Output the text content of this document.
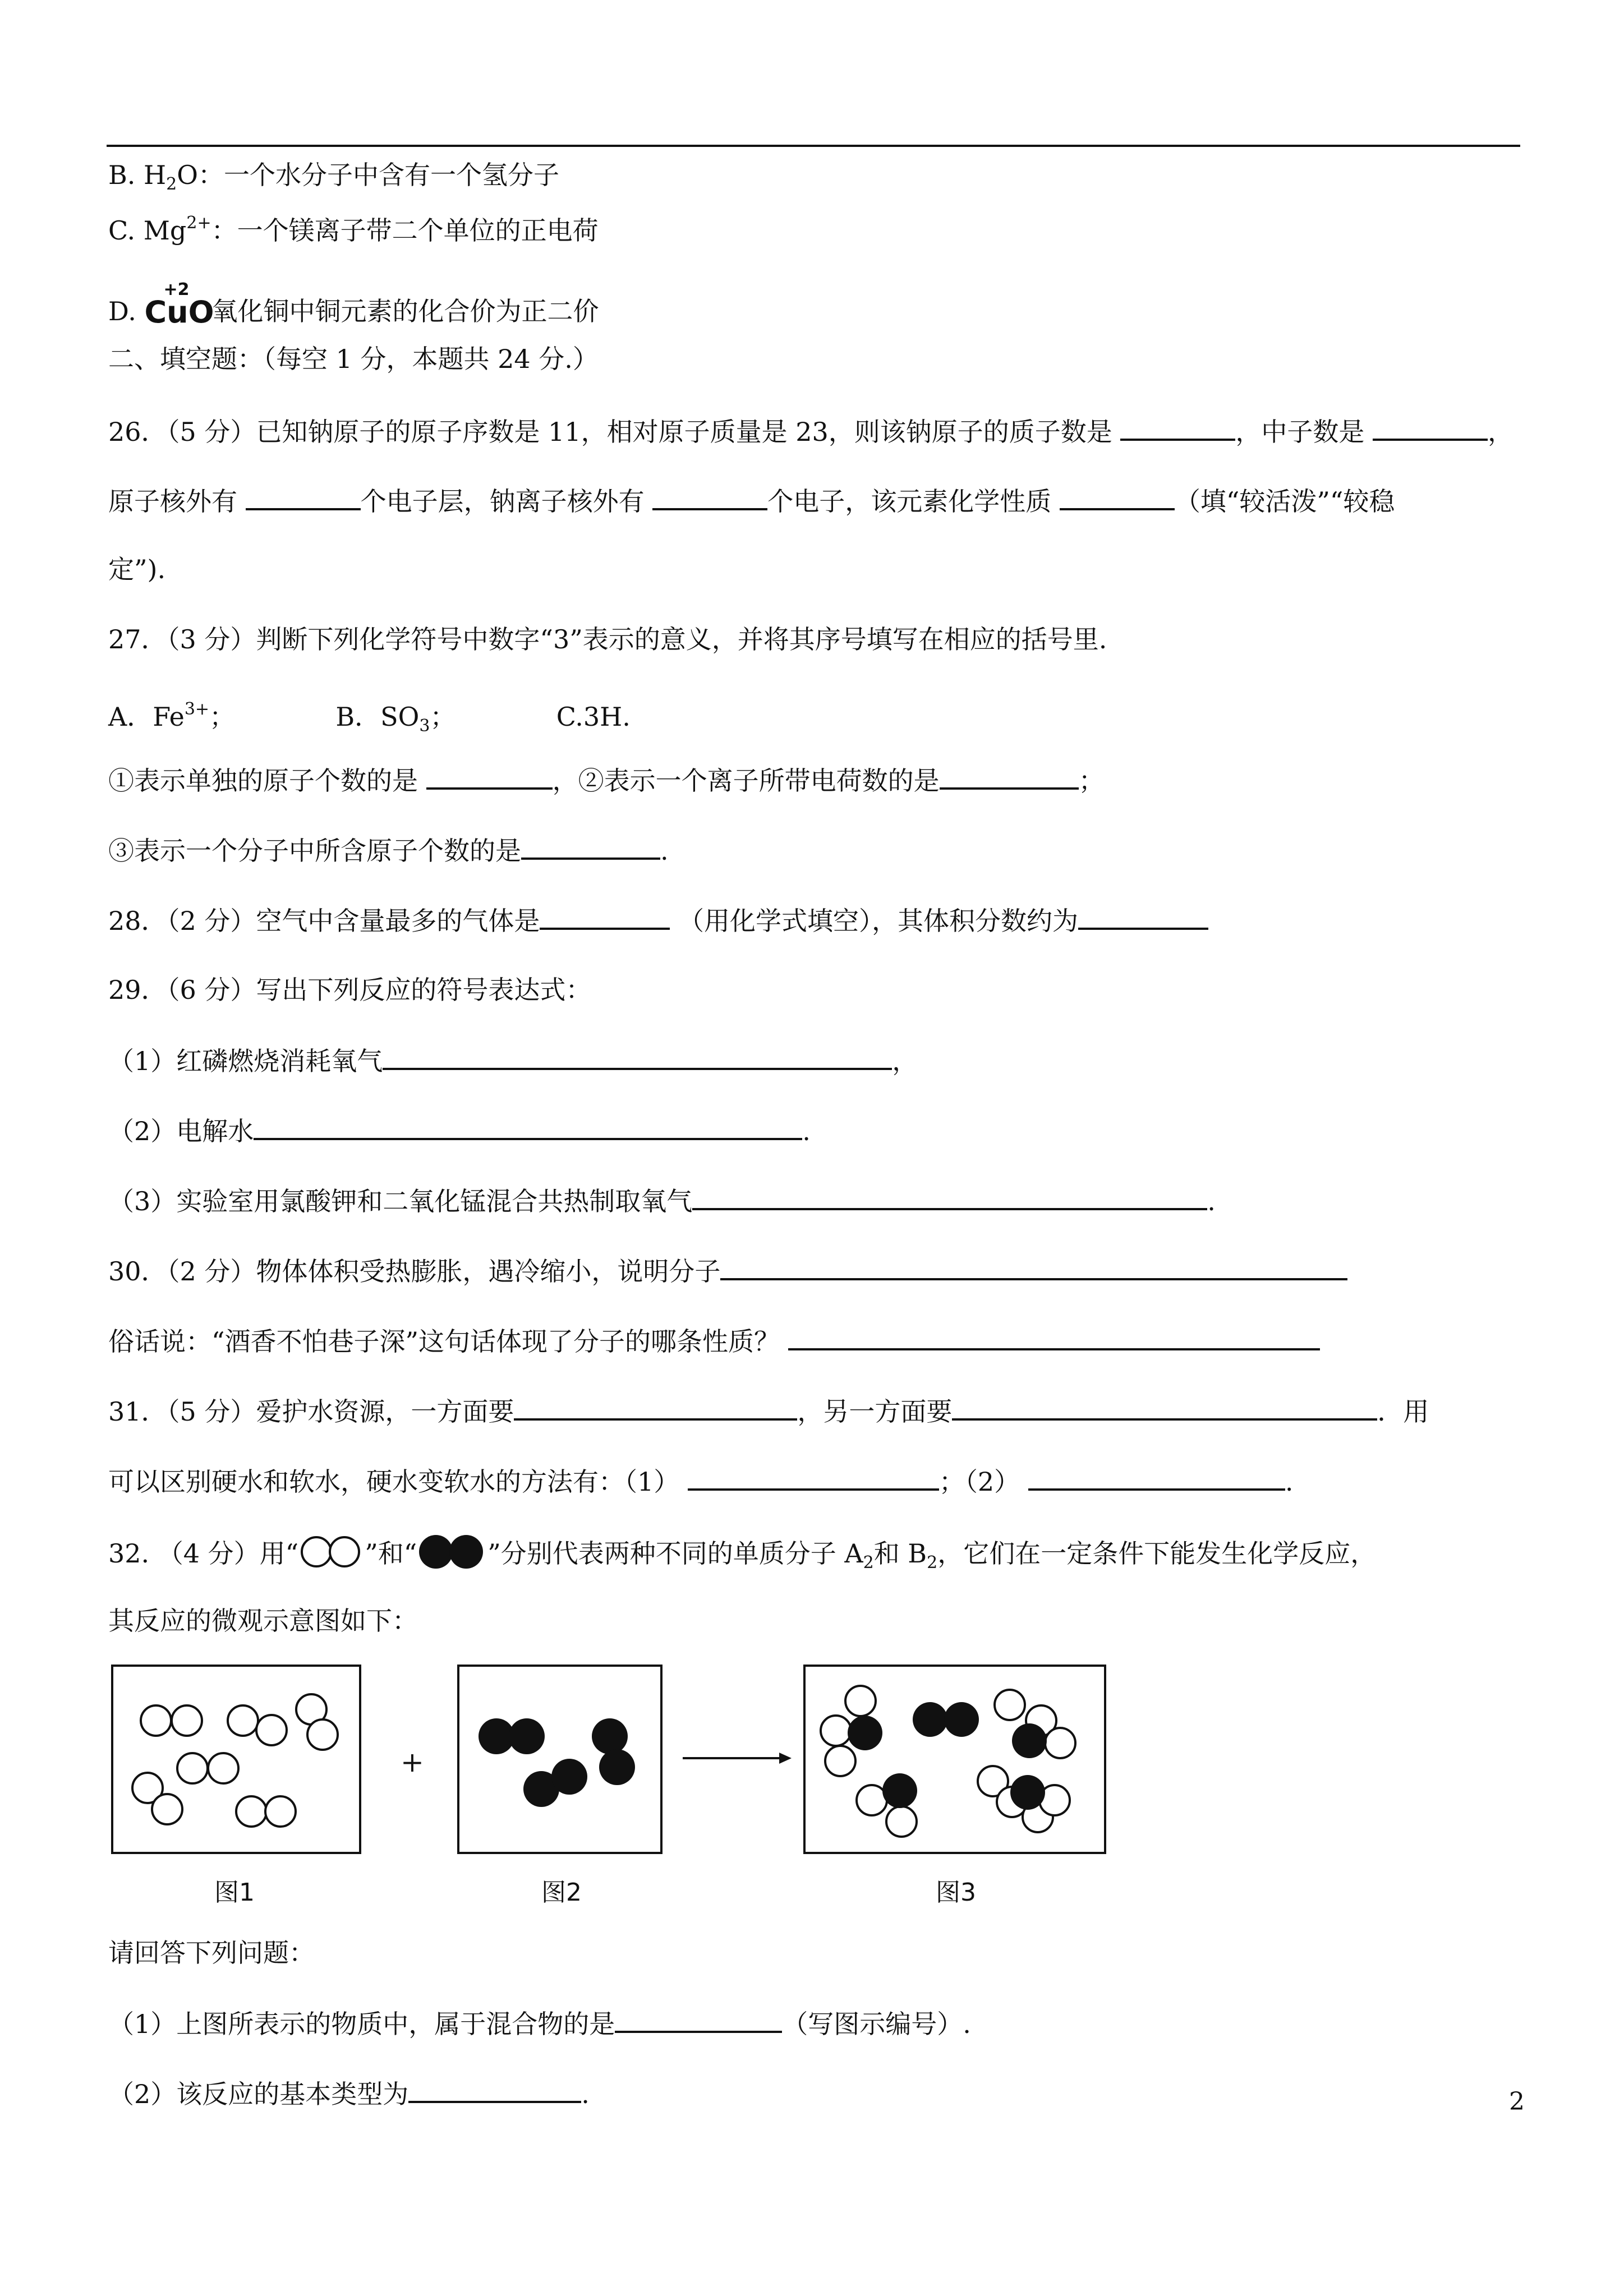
B. $H_2O$：一个水分子中含有一个氢分子
C. $Mg^{2+}$：一个镁离子带二个单位的正电荷
D.
+2
CuO氧化铜中铜元素的化合价为正二价
二、填空题：（每空 1 分，本题共 24 分.）
26．（5 分）已知钠原子的原子序数是 11，相对原子质量是 23，则该钠原子的质子数是	，中子数是	，
原子核外有	个电子层，钠离子核外有	个电子，该元素化学性质	（填“较活泼”“较稳
定”).
27．（3 分）判断下列化学符号中数字“3”表示的意义，并将其序号填写在相应的括号里.
A．$Fe^{3+}$；	B．$SO_3$；	C.3H.
①表示单独的原子个数的是	，②表示一个离子所带电荷数的是	；
③表示一个分子中所含原子个数的是	.
28．（2 分）空气中含量最多的气体是	（用化学式填空），其体积分数约为
29．（6 分）写出下列反应的符号表达式：
（1）红磷燃烧消耗氧气	，
（2）电解水	.
（3）实验室用氯酸钾和二氧化锰混合共热制取氧气	.
30．（2 分）物体体积受热膨胀，遇冷缩小，说明分子
俗话说：“酒香不怕巷子深”这句话体现了分子的哪条性质？
31．（5 分）爱护水资源，一方面要	，另一方面要	．用
可以区别硬水和软水，硬水变软水的方法有：（1）	；（2）	.
32. （4 分）用“	”和“	”分别代表两种不同的单质分子 $A_2$和 $B_2$，它们在一定条件下能发生化学反应，
其反应的微观示意图如下：
图1
+
图2	图3
请回答下列问题：
（1）上图所表示的物质中，属于混合物的是	（写图示编号）.
（2）该反应的基本类型为	.	2
